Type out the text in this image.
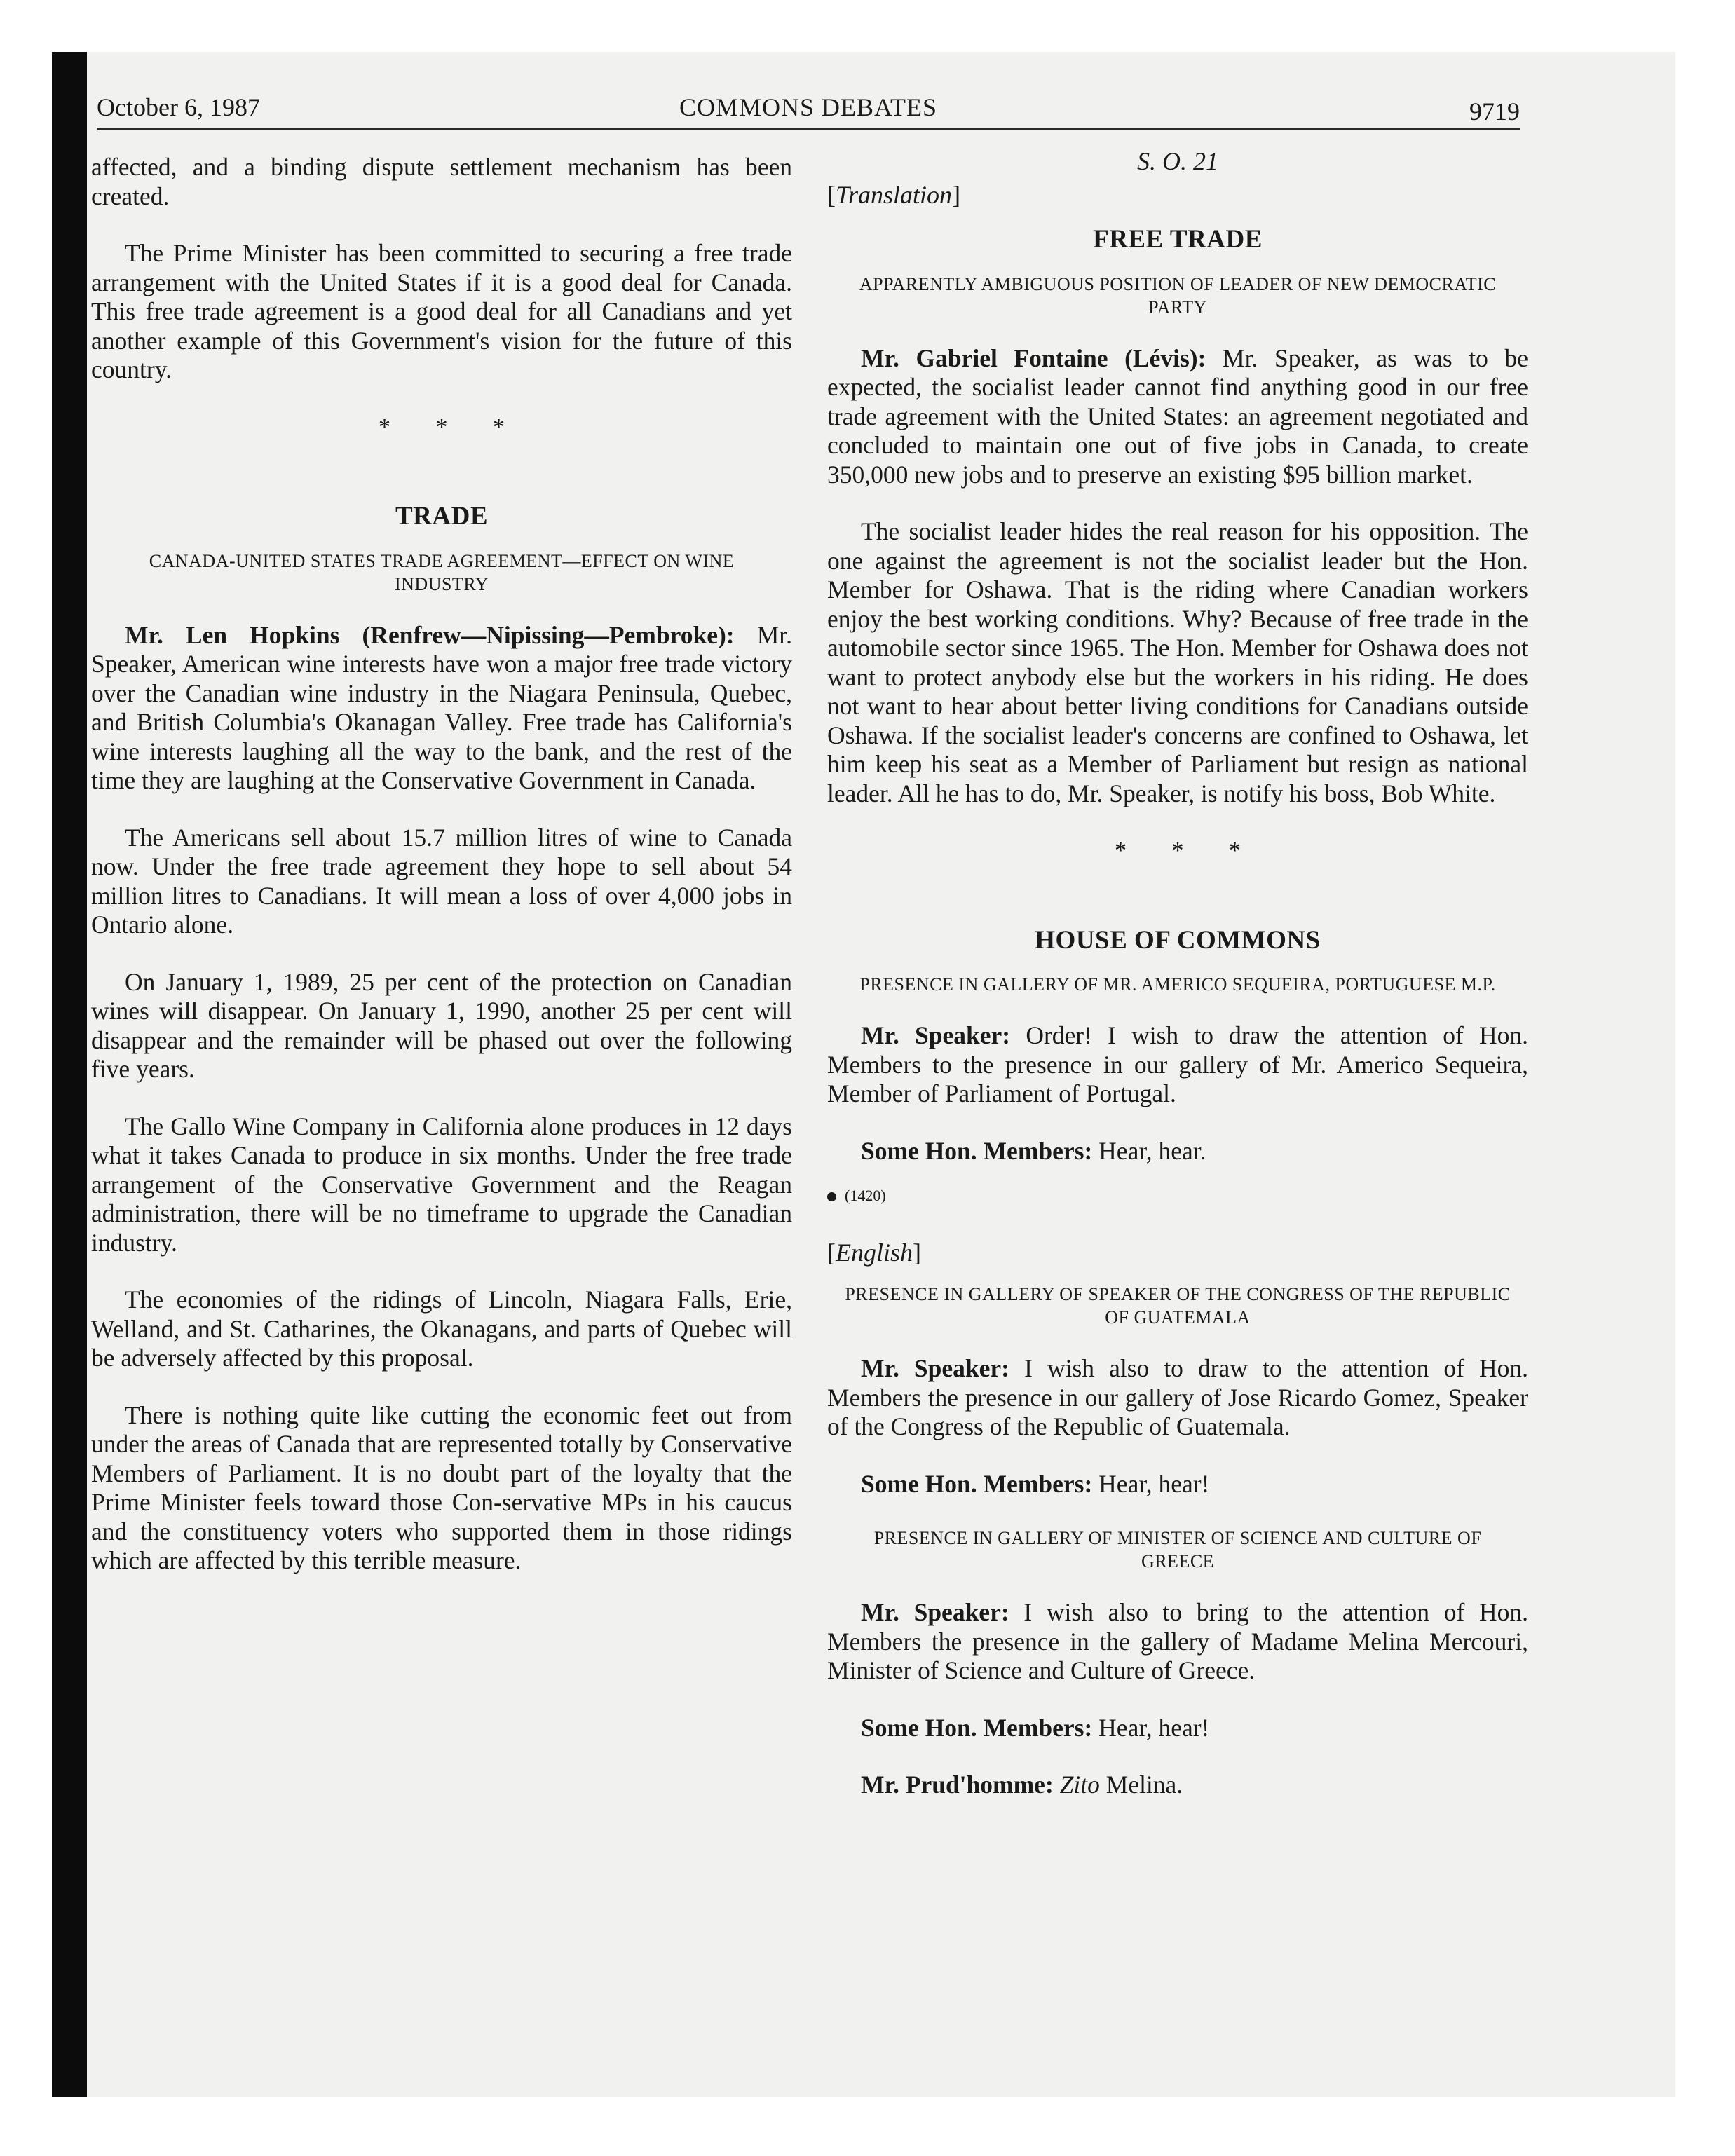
October 6, 1987	COMMONS DEBATES	9719

affected, and a binding dispute settlement mechanism has been created.

The Prime Minister has been committed to securing a free trade arrangement with the United States if it is a good deal for Canada. This free trade agreement is a good deal for all Canadians and yet another example of this Government's vision for the future of this country.

* * *
TRADE
CANADA-UNITED STATES TRADE AGREEMENT—EFFECT ON WINE INDUSTRY

Mr. Len Hopkins (Renfrew—Nipissing—Pembroke): Mr. Speaker, American wine interests have won a major free trade victory over the Canadian wine industry in the Niagara Peninsula, Quebec, and British Columbia's Okanagan Valley. Free trade has California's wine interests laughing all the way to the bank, and the rest of the time they are laughing at the Conservative Government in Canada.

The Americans sell about 15.7 million litres of wine to Canada now. Under the free trade agreement they hope to sell about 54 million litres to Canadians. It will mean a loss of over 4,000 jobs in Ontario alone.

On January 1, 1989, 25 per cent of the protection on Canadian wines will disappear. On January 1, 1990, another 25 per cent will disappear and the remainder will be phased out over the following five years.

The Gallo Wine Company in California alone produces in 12 days what it takes Canada to produce in six months. Under the free trade arrangement of the Conservative Government and the Reagan administration, there will be no timeframe to upgrade the Canadian industry.

The economies of the ridings of Lincoln, Niagara Falls, Erie, Welland, and St. Catharines, the Okanagans, and parts of Quebec will be adversely affected by this proposal.

There is nothing quite like cutting the economic feet out from under the areas of Canada that are represented totally by Conservative Members of Parliament. It is no doubt part of the loyalty that the Prime Minister feels toward those Con-servative MPs in his caucus and the constituency voters who supported them in those ridings which are affected by this terrible measure.

S. O. 21
[Translation]
FREE TRADE
APPARENTLY AMBIGUOUS POSITION OF LEADER OF NEW DEMOCRATIC PARTY

Mr. Gabriel Fontaine (Lévis): Mr. Speaker, as was to be expected, the socialist leader cannot find anything good in our free trade agreement with the United States: an agreement negotiated and concluded to maintain one out of five jobs in Canada, to create 350,000 new jobs and to preserve an existing $95 billion market.

The socialist leader hides the real reason for his opposition. The one against the agreement is not the socialist leader but the Hon. Member for Oshawa. That is the riding where Canadian workers enjoy the best working conditions. Why? Because of free trade in the automobile sector since 1965. The Hon. Member for Oshawa does not want to protect anybody else but the workers in his riding. He does not want to hear about better living conditions for Canadians outside Oshawa. If the socialist leader's concerns are confined to Oshawa, let him keep his seat as a Member of Parliament but resign as national leader. All he has to do, Mr. Speaker, is notify his boss, Bob White.

* * *
HOUSE OF COMMONS
PRESENCE IN GALLERY OF MR. AMERICO SEQUEIRA, PORTUGUESE M.P.

Mr. Speaker: Order! I wish to draw the attention of Hon. Members to the presence in our gallery of Mr. Americo Sequeira, Member of Parliament of Portugal.

Some Hon. Members: Hear, hear.

(1420)
[English]
PRESENCE IN GALLERY OF SPEAKER OF THE CONGRESS OF THE REPUBLIC OF GUATEMALA

Mr. Speaker: I wish also to draw to the attention of Hon. Members the presence in our gallery of Jose Ricardo Gomez, Speaker of the Congress of the Republic of Guatemala.

Some Hon. Members: Hear, hear!

PRESENCE IN GALLERY OF MINISTER OF SCIENCE AND CULTURE OF GREECE

Mr. Speaker: I wish also to bring to the attention of Hon. Members the presence in the gallery of Madame Melina Mercouri, Minister of Science and Culture of Greece.

Some Hon. Members: Hear, hear!

Mr. Prud'homme: Zito Melina.
